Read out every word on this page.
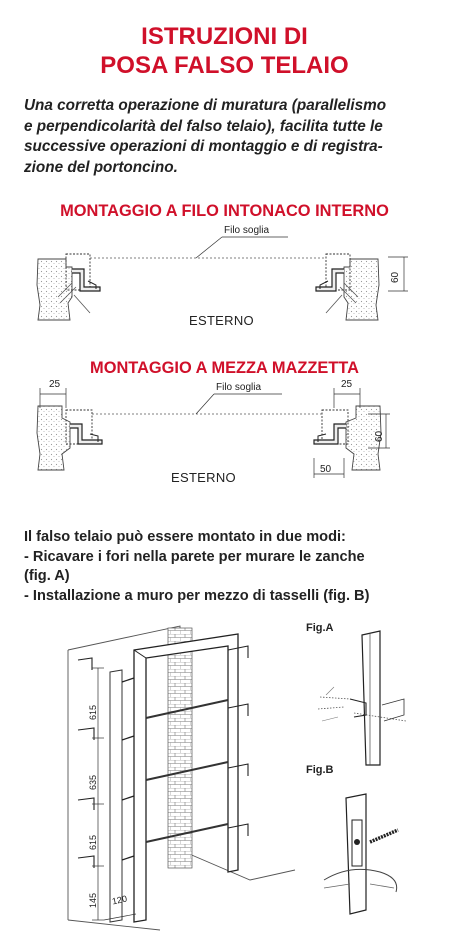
ISTRUZIONI DI
POSA FALSO TELAIO
Una corretta operazione di muratura (parallelismo
e perpendicolarità del falso telaio), facilita tutte le
successive operazioni di montaggio e di registra-
zione del portoncino.
MONTAGGIO A FILO INTONACO INTERNO
Filo soglia
60
ESTERNO
MONTAGGIO A MEZZA MAZZETTA
25	Filo soglia	25
60
50
ESTERNO
Il falso telaio può essere montato in due modi:
- Ricavare i fori nella parete per murare le zanche
(fig. A)
- Installazione a muro per mezzo di tasselli (fig. B)
615
635
615
145 120
Fig.A
Fig.B
